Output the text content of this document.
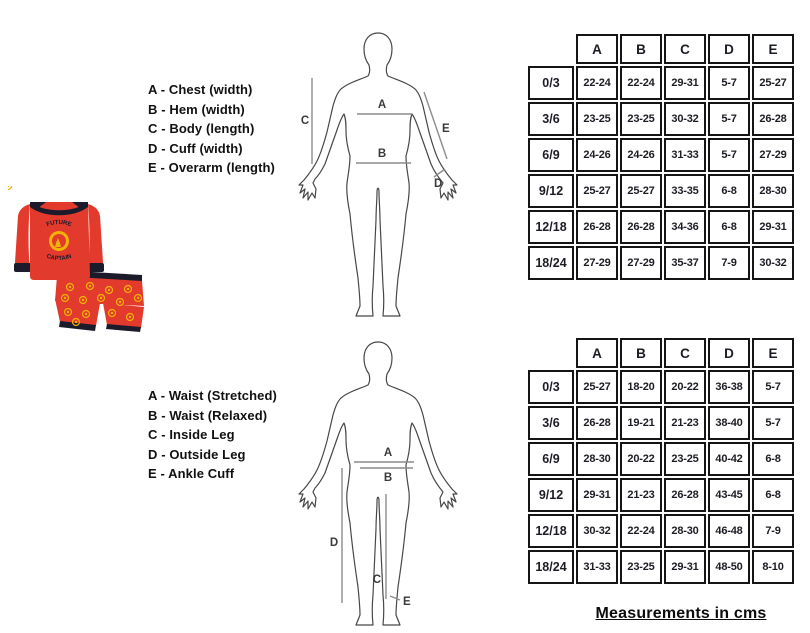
FUTURE
CAPTAIN
A - Chest (width)
B - Hem (width)
C - Body (length)
D - Cuff (width)
E - Overarm (length)
A - Waist (Stretched)
B - Waist (Relaxed)
C - Inside Leg
D - Outside Leg
E - Ankle Cuff
A
B
C
E
D
A
B
D
C
E
	A	B	C	D	E
0/3	22-24	22-24	29-31	5-7	25-27
3/6	23-25	23-25	30-32	5-7	26-28
6/9	24-26	24-26	31-33	5-7	27-29
9/12	25-27	25-27	33-35	6-8	28-30
12/18	26-28	26-28	34-36	6-8	29-31
18/24	27-29	27-29	35-37	7-9	30-32
	A	B	C	D	E
0/3	25-27	18-20	20-22	36-38	5-7
3/6	26-28	19-21	21-23	38-40	5-7
6/9	28-30	20-22	23-25	40-42	6-8
9/12	29-31	21-23	26-28	43-45	6-8
12/18	30-32	22-24	28-30	46-48	7-9
18/24	31-33	23-25	29-31	48-50	8-10
Measurements in cms
